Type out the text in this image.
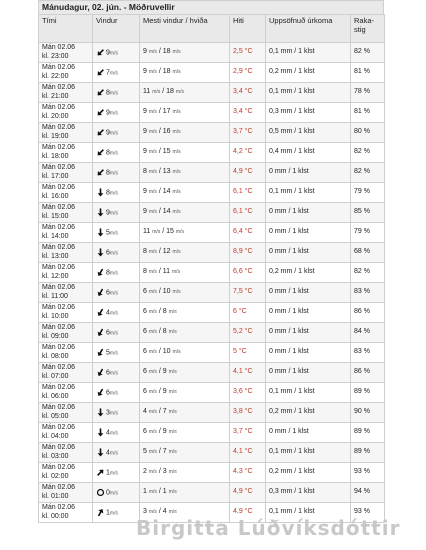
Mánudagur, 02. jún. - Möðruvellir
Tími	Vindur	Mesti vindur / hviða	Hiti	Uppsöfnuð úrkoma	Raka-stig
Mán 02.06
kl. 23:00	9m/s	9 m/s / 18 m/s	2,5 °C	0,1 mm / 1 klst	82 %
Mán 02.06
kl. 22:00	7m/s	9 m/s / 18 m/s	2,9 °C	0,2 mm / 1 klst	81 %
Mán 02.06
kl. 21:00	8m/s	11 m/s / 18 m/s	3,4 °C	0,1 mm / 1 klst	78 %
Mán 02.06
kl. 20:00	9m/s	9 m/s / 17 m/s	3,4 °C	0,3 mm / 1 klst	81 %
Mán 02.06
kl. 19:00	9m/s	9 m/s / 16 m/s	3,7 °C	0,5 mm / 1 klst	80 %
Mán 02.06
kl. 18:00	8m/s	9 m/s / 15 m/s	4,2 °C	0,4 mm / 1 klst	82 %
Mán 02.06
kl. 17:00	8m/s	8 m/s / 13 m/s	4,9 °C	0 mm / 1 klst	82 %
Mán 02.06
kl. 16:00	8m/s	9 m/s / 14 m/s	6,1 °C	0,1 mm / 1 klst	79 %
Mán 02.06
kl. 15:00	9m/s	9 m/s / 14 m/s	6,1 °C	0 mm / 1 klst	85 %
Mán 02.06
kl. 14:00	5m/s	11 m/s / 15 m/s	6,4 °C	0 mm / 1 klst	79 %
Mán 02.06
kl. 13:00	6m/s	8 m/s / 12 m/s	8,9 °C	0 mm / 1 klst	68 %
Mán 02.06
kl. 12:00	8m/s	8 m/s / 11 m/s	6,6 °C	0,2 mm / 1 klst	82 %
Mán 02.06
kl. 11:00	6m/s	6 m/s / 10 m/s	7,5 °C	0 mm / 1 klst	83 %
Mán 02.06
kl. 10:00	4m/s	6 m/s / 8 m/s	6 °C	0 mm / 1 klst	86 %
Mán 02.06
kl. 09:00	6m/s	6 m/s / 8 m/s	5,2 °C	0 mm / 1 klst	84 %
Mán 02.06
kl. 08:00	5m/s	6 m/s / 10 m/s	5 °C	0 mm / 1 klst	83 %
Mán 02.06
kl. 07:00	6m/s	6 m/s / 9 m/s	4,1 °C	0 mm / 1 klst	86 %
Mán 02.06
kl. 06:00	6m/s	6 m/s / 9 m/s	3,6 °C	0,1 mm / 1 klst	89 %
Mán 02.06
kl. 05:00	3m/s	4 m/s / 7 m/s	3,8 °C	0,2 mm / 1 klst	90 %
Mán 02.06
kl. 04:00	4m/s	6 m/s / 9 m/s	3,7 °C	0 mm / 1 klst	89 %
Mán 02.06
kl. 03:00	4m/s	5 m/s / 7 m/s	4,1 °C	0,1 mm / 1 klst	89 %
Mán 02.06
kl. 02:00	1m/s	2 m/s / 3 m/s	4,3 °C	0,2 mm / 1 klst	93 %
Mán 02.06
kl. 01:00	0m/s	1 m/s / 1 m/s	4,9 °C	0,3 mm / 1 klst	94 %
Mán 02.06
kl. 00:00	1m/s	3 m/s / 4 m/s	4,9 °C	0,1 mm / 1 klst	93 %
Birgitta Lúðvíksdóttir
